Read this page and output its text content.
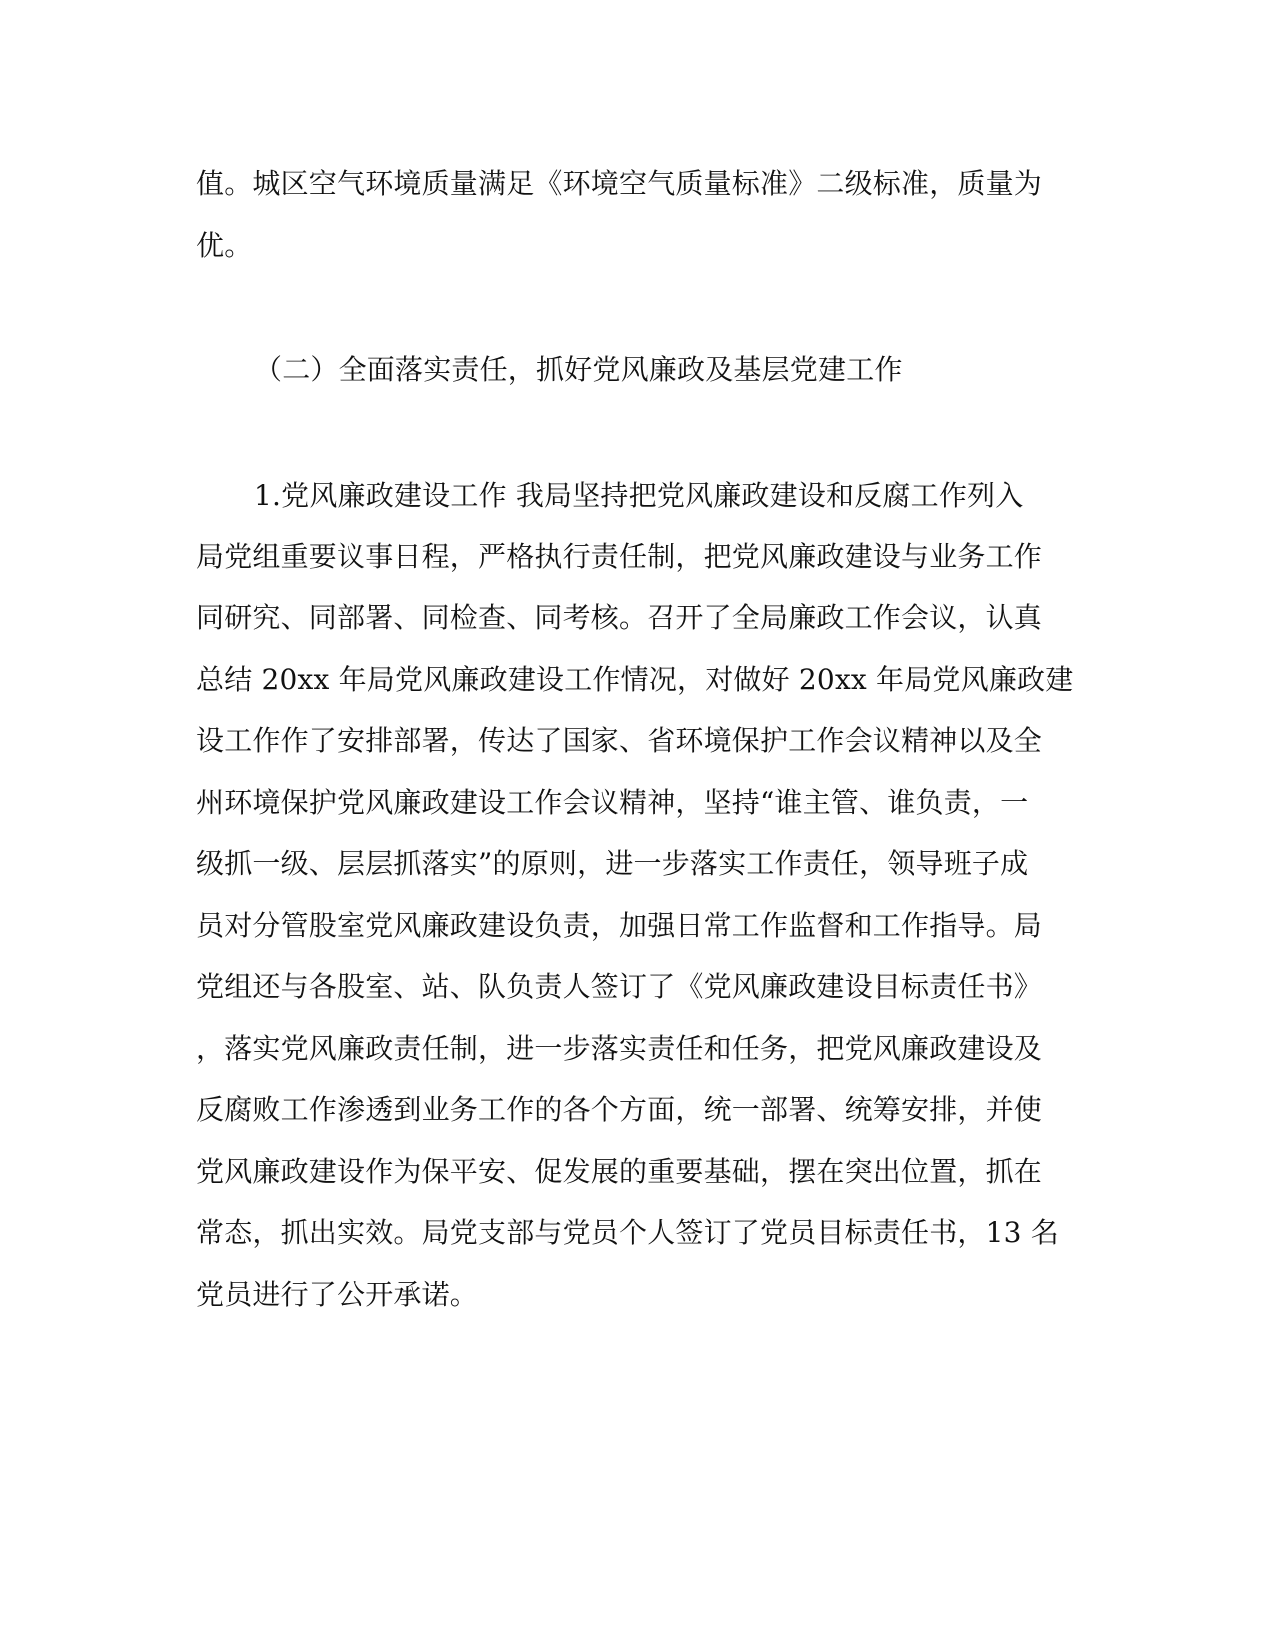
值。城区空气环境质量满足《环境空气质量标准》二级标准，质量为
优。
（二）全面落实责任，抓好党风廉政及基层党建工作
1.党风廉政建设工作 我局坚持把党风廉政建设和反腐工作列入
局党组重要议事日程，严格执行责任制，把党风廉政建设与业务工作
同研究、同部署、同检查、同考核。召开了全局廉政工作会议，认真
总结 20xx 年局党风廉政建设工作情况，对做好 20xx 年局党风廉政建
设工作作了安排部署，传达了国家、省环境保护工作会议精神以及全
州环境保护党风廉政建设工作会议精神，坚持“谁主管、谁负责，一
级抓一级、层层抓落实”的原则，进一步落实工作责任，领导班子成
员对分管股室党风廉政建设负责，加强日常工作监督和工作指导。局
党组还与各股室、站、队负责人签订了《党风廉政建设目标责任书》
，落实党风廉政责任制，进一步落实责任和任务，把党风廉政建设及
反腐败工作渗透到业务工作的各个方面，统一部署、统筹安排，并使
党风廉政建设作为保平安、促发展的重要基础，摆在突出位置，抓在
常态，抓出实效。局党支部与党员个人签订了党员目标责任书，13 名
党员进行了公开承诺。
